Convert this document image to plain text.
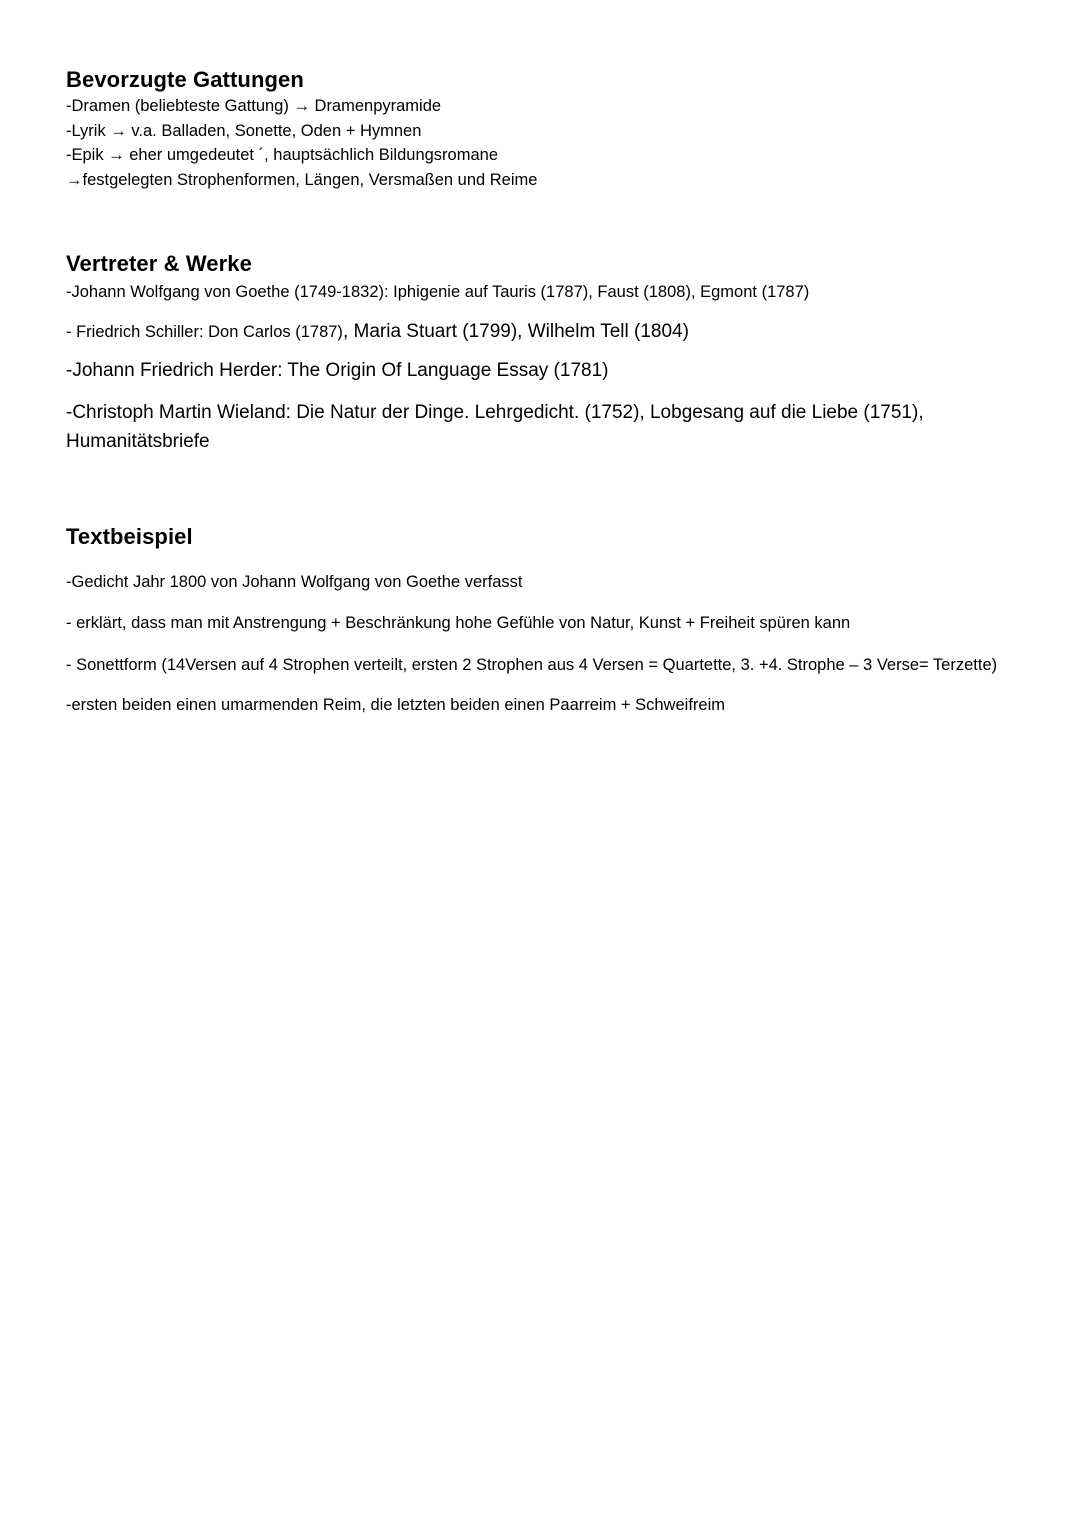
Bevorzugte Gattungen

-Dramen (beliebteste Gattung) → Dramenpyramide

-Lyrik → v.a. Balladen, Sonette, Oden + Hymnen

-Epik → eher umgedeutet ´, hauptsächlich Bildungsromane

→festgelegten Strophenformen, Längen, Versmaßen und Reime

Vertreter & Werke

-Johann Wolfgang von Goethe (1749-1832): Iphigenie auf Tauris (1787), Faust (1808), Egmont (1787)

- Friedrich Schiller: Don Carlos (1787), Maria Stuart (1799), Wilhelm Tell (1804)

-Johann Friedrich Herder: The Origin Of Language Essay (1781)

-Christoph Martin Wieland: Die Natur der Dinge. Lehrgedicht. (1752), Lobgesang auf die Liebe (1751), Humanitätsbriefe

Textbeispiel

-Gedicht Jahr 1800 von Johann Wolfgang von Goethe verfasst

- erklärt, dass man mit Anstrengung + Beschränkung hohe Gefühle von Natur, Kunst + Freiheit spüren kann

- Sonettform (14Versen auf 4 Strophen verteilt, ersten 2 Strophen aus 4 Versen = Quartette, 3. +4. Strophe – 3 Verse= Terzette)

-ersten beiden einen umarmenden Reim, die letzten beiden einen Paarreim + Schweifreim
